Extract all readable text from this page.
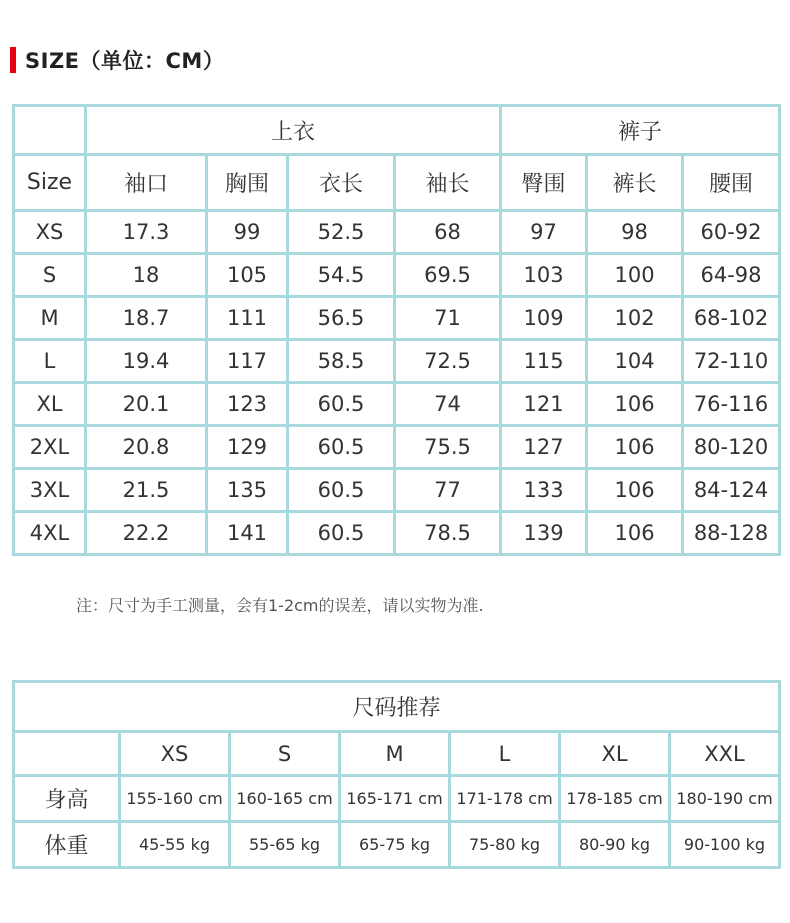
SIZE（单位：CM）
	上衣				裤子		
Size	袖口	胸围	衣长	袖长	臀围	裤长	腰围
XS	17.3	99	52.5	68	97	98	60-92
S	18	105	54.5	69.5	103	100	64-98
M	18.7	111	56.5	71	109	102	68-102
L	19.4	117	58.5	72.5	115	104	72-110
XL	20.1	123	60.5	74	121	106	76-116
2XL	20.8	129	60.5	75.5	127	106	80-120
3XL	21.5	135	60.5	77	133	106	84-124
4XL	22.2	141	60.5	78.5	139	106	88-128
注：尺寸为手工测量，会有1-2cm的误差，请以实物为准.
尺码推荐						
	XS	S	M	L	XL	XXL
身高	155-160 cm	160-165 cm	165-171 cm	171-178 cm	178-185 cm	180-190 cm
体重	45-55 kg	55-65 kg	65-75 kg	75-80 kg	80-90 kg	90-100 kg
